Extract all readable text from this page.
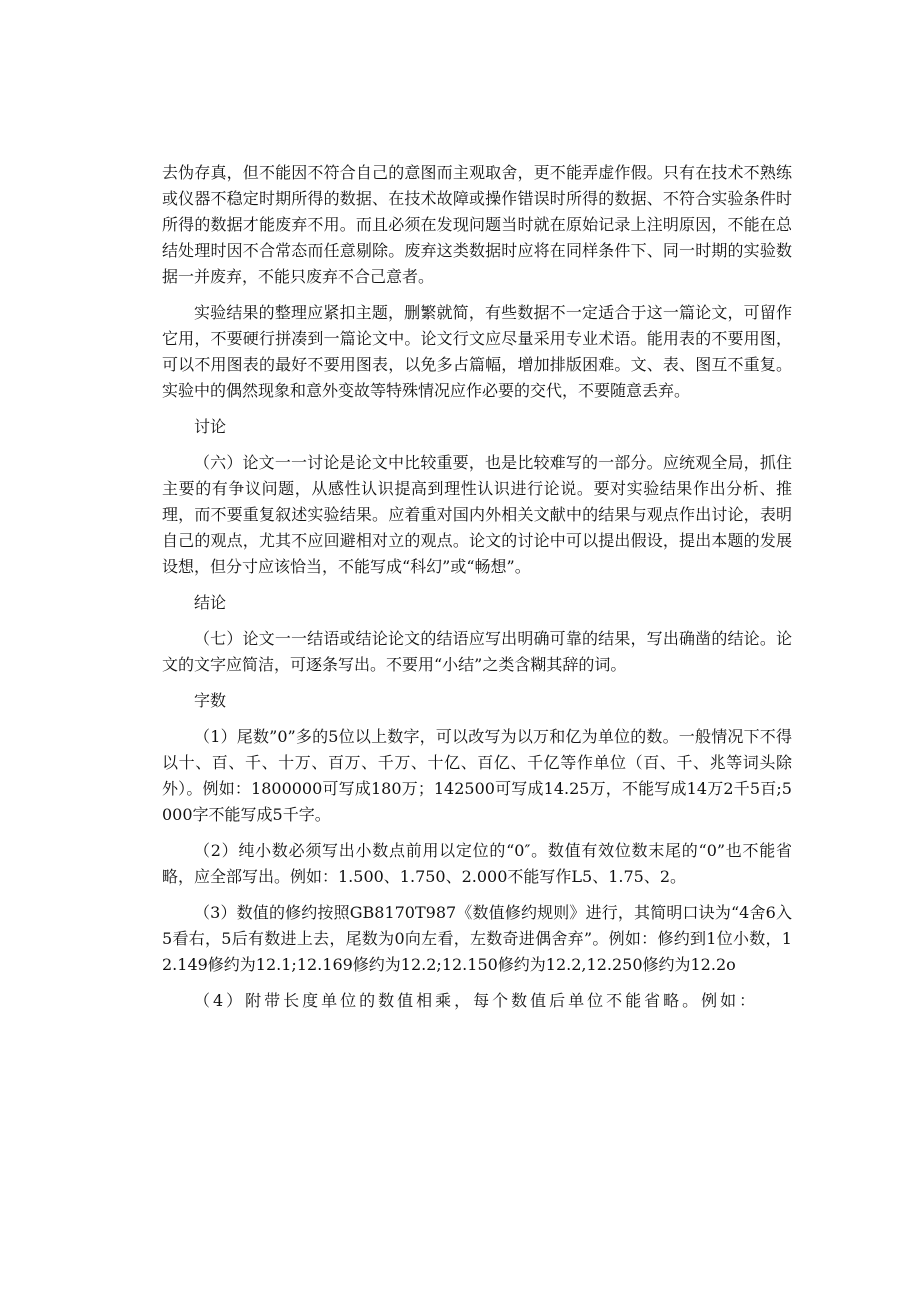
去伪存真，但不能因不符合自己的意图而主观取舍，更不能弄虚作假。只有在技术不熟练或仪器不稳定时期所得的数据、在技术故障或操作错误时所得的数据、不符合实验条件时所得的数据才能废弃不用。而且必须在发现问题当时就在原始记录上注明原因，不能在总结处理时因不合常态而任意剔除。废弃这类数据时应将在同样条件下、同一时期的实验数据一并废弃，不能只废弃不合己意者。

实验结果的整理应紧扣主题，删繁就简，有些数据不一定适合于这一篇论文，可留作它用，不要硬行拼凑到一篇论文中。论文行文应尽量采用专业术语。能用表的不要用图，可以不用图表的最好不要用图表，以免多占篇幅，增加排版困难。文、表、图互不重复。实验中的偶然现象和意外变故等特殊情况应作必要的交代，不要随意丢弃。

讨论

（六）论文一一讨论是论文中比较重要，也是比较难写的一部分。应统观全局，抓住主要的有争议问题，从感性认识提高到理性认识进行论说。要对实验结果作出分析、推理，而不要重复叙述实验结果。应着重对国内外相关文献中的结果与观点作出讨论，表明自己的观点，尤其不应回避相对立的观点。论文的讨论中可以提出假设，提出本题的发展设想，但分寸应该恰当，不能写成“科幻”或“畅想”。

结论

（七）论文一一结语或结论论文的结语应写出明确可靠的结果，写出确凿的结论。论文的文字应简洁，可逐条写出。不要用“小结”之类含糊其辞的词。

字数

（1）尾数”0”多的5位以上数字，可以改写为以万和亿为单位的数。一般情况下不得以十、百、千、十万、百万、千万、十亿、百亿、千亿等作单位（百、千、兆等词头除外）。例如：1800000可写成180万；142500可写成14.25万，不能写成14万2千5百;5000字不能写成5千字。

（2）纯小数必须写出小数点前用以定位的“0″。数值有效位数末尾的“0”也不能省略，应全部写出。例如：1.500、1.750、2.000不能写作L5、1.75、2。

（3）数值的修约按照GB8170T987《数值修约规则》进行，其简明口诀为“4舍6入5看右，5后有数进上去，尾数为0向左看，左数奇进偶舍弃”。例如：修约到1位小数，12.149修约为12.1;12.169修约为12.2;12.150修约为12.2,12.250修约为12.2o

（4）附带长度单位的数值相乘，每个数值后单位不能省略。例如：
